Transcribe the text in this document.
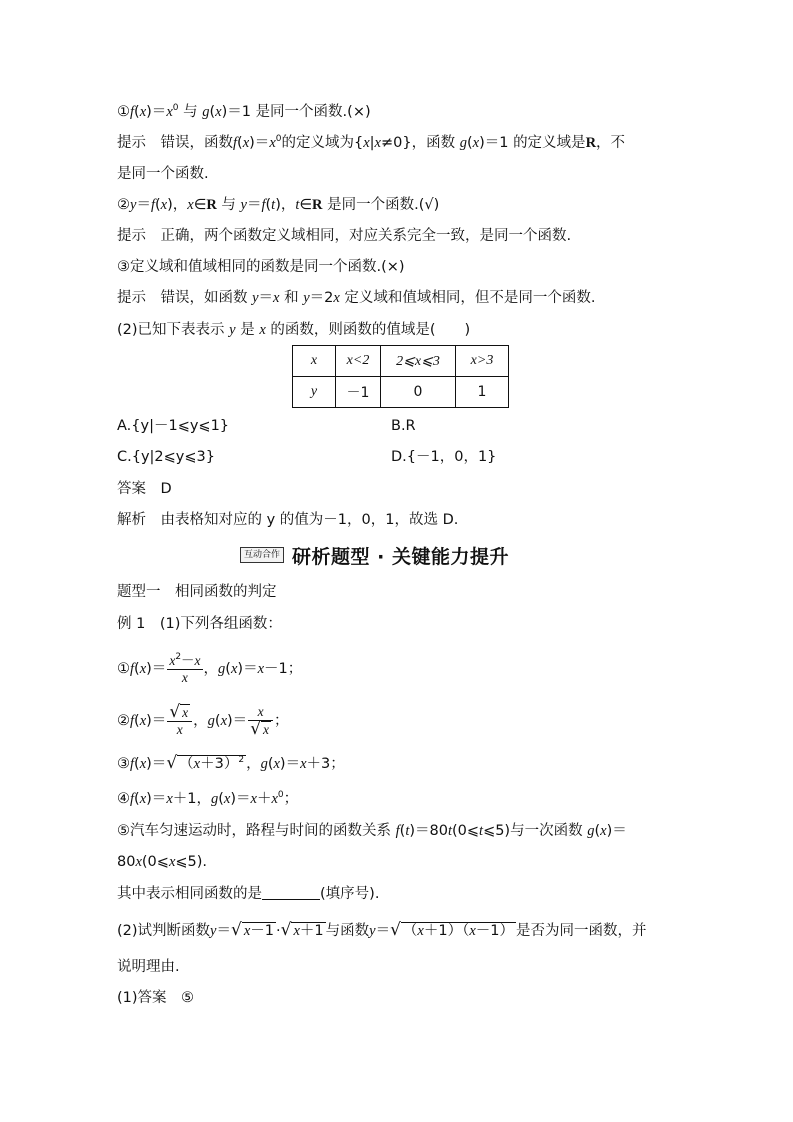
$①f(x)=x^0$ 与 g(x)＝1 是同一个函数.(×)
提示　错误，函数$f(x)=x^0$的定义域为{x|x≠0}，函数 g(x)＝1 的定义域是R，不
是同一个函数.
②y＝f(x)，x∈R 与 y＝f(t)，t∈R 是同一个函数.(√)
提示　正确，两个函数定义域相同，对应关系完全一致，是同一个函数.
③定义域和值域相同的函数是同一个函数.(×)
提示　错误，如函数 y＝x 和 y＝2x 定义域和值域相同，但不是同一个函数.
(2)已知下表表示 y 是 x 的函数，则函数的值域是(　　)
x	x<2	2⩽x⩽3	x>3
y	－1	0	1
A.{y|－1⩽y⩽1}	B.R
C.{y|2⩽y⩽3}	D.{－1，0，1}
答案　D
解析　由表格知对应的 y 的值为－1，0，1，故选 D.
互动合作 研析题型 · 关键能力提升
题型一　相同函数的判定
例 1　(1)下列各组函数：
①f(x)＝ $\frac{x^2-x}{x}$ ，g(x)＝x－1；
②f(x)＝ $\frac{√ x}{x}$ ，$g(x)= \frac{x}{√ x}$ ；
③f(x)＝√ $(x+3)^2$ ，g(x)＝x＋3；
④f(x)＝x＋1，$g(x)=x+x^0$；
⑤汽车匀速运动时，路程与时间的函数关系 f(t)＝80t(0⩽t⩽5)与一次函数 g(x)＝
80x(0⩽x⩽5).
其中表示相同函数的是	(填序号).
(2)试判断函数y＝√ x－1 ·√ x＋1 与函数y＝√ （x＋1）（x－1） 是否为同一函数，并
说明理由.
(1)答案　⑤
